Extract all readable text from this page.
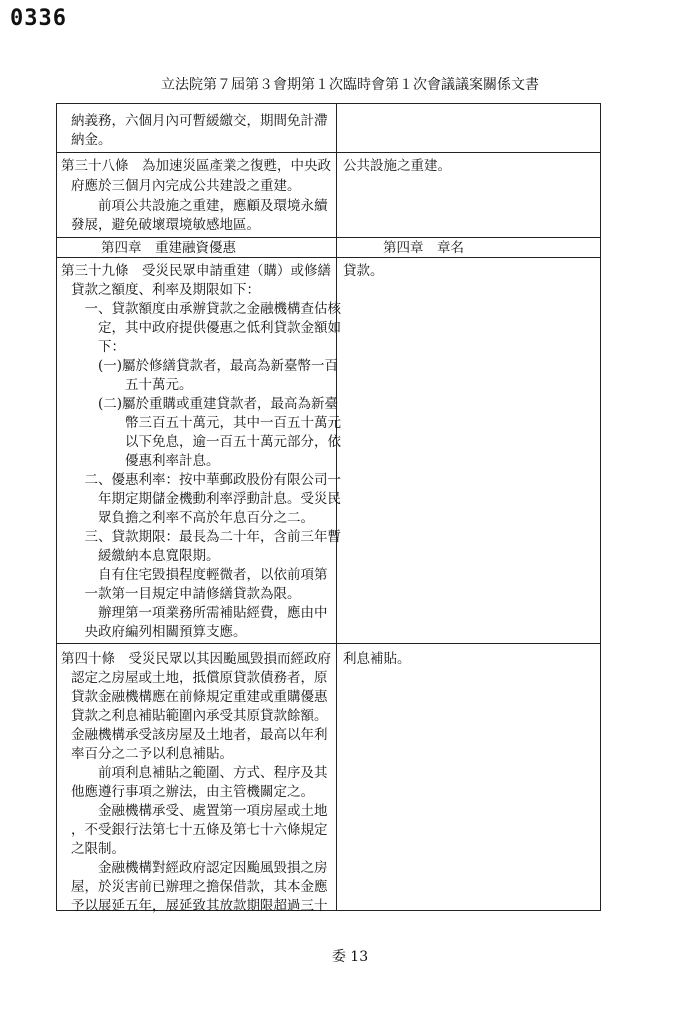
0336
立法院第７屆第３會期第１次臨時會第１次會議議案關係文書
納義務，六個月內可暫緩繳交，期間免計滯
納金。
第三十八條　為加速災區產業之復甦，中央政
府應於三個月內完成公共建設之重建。
　　前項公共設施之重建，應顧及環境永續
發展，避免破壞環境敏感地區。
公共設施之重建。
第四章　重建融資優惠	第四章　章名
第三十九條　受災民眾申請重建（購）或修繕
貸款之額度、利率及期限如下：
　一、貸款額度由承辦貸款之金融機構查估核
　　定，其中政府提供優惠之低利貸款金額如
　　下：
　　(一)屬於修繕貸款者，最高為新臺幣一百
　　　　五十萬元。
　　(二)屬於重購或重建貸款者，最高為新臺
　　　　幣三百五十萬元，其中一百五十萬元
　　　　以下免息，逾一百五十萬元部分，依
　　　　優惠利率計息。
　二、優惠利率：按中華郵政股份有限公司一
　　年期定期儲金機動利率浮動計息。受災民
　　眾負擔之利率不高於年息百分之二。
　三、貸款期限：最長為二十年，含前三年暫
　　緩繳納本息寬限期。
　　自有住宅毀損程度輕微者，以依前項第
　一款第一目規定申請修繕貸款為限。
　　辦理第一項業務所需補貼經費，應由中
　央政府編列相關預算支應。
貸款。
第四十條　受災民眾以其因颱風毀損而經政府
認定之房屋或土地，抵償原貸款債務者，原
貸款金融機構應在前條規定重建或重購優惠
貸款之利息補貼範圍內承受其原貸款餘額。
金融機構承受該房屋及土地者，最高以年利
率百分之二予以利息補貼。
　　前項利息補貼之範圍、方式、程序及其
他應遵行事項之辦法，由主管機關定之。
　　金融機構承受、處置第一項房屋或土地
，不受銀行法第七十五條及第七十六條規定
之限制。
　　金融機構對經政府認定因颱風毀損之房
屋，於災害前已辦理之擔保借款，其本金應
予以展延五年，展延致其放款期限超過三十
利息補貼。
委 13
